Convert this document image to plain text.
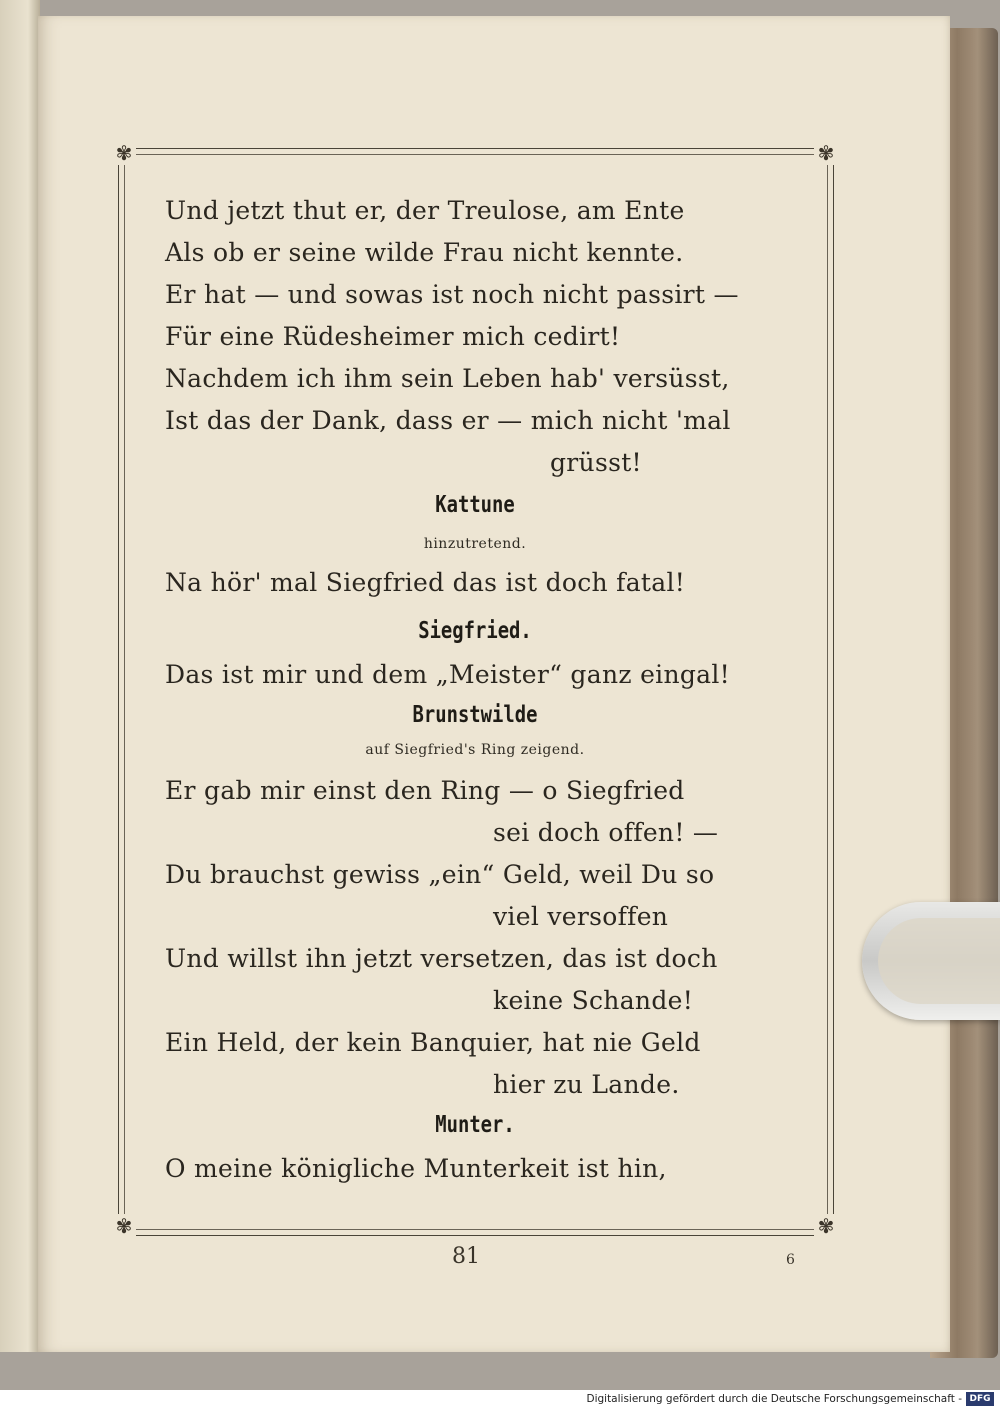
✾	✾
✾	✾
Und jetzt thut er, der Treulose, am Ente
Als ob er seine wilde Frau nicht kennte.
Er hat — und sowas ist noch nicht passirt —
Für eine Rüdesheimer mich cedirt!
Nachdem ich ihm sein Leben hab' versüsst,
Ist das der Dank, dass er — mich nicht 'mal
grüsst!
Kattune
hinzutretend.
Na hör' mal Siegfried das ist doch fatal!
Siegfried.
Das ist mir und dem „Meister“ ganz eingal!
Brunstwilde
auf Siegfried's Ring zeigend.
Er gab mir einst den Ring — o Siegfried
sei doch offen! —
Du brauchst gewiss „ein“ Geld, weil Du so
viel versoffen
Und willst ihn jetzt versetzen, das ist doch
keine Schande!
Ein Held, der kein Banquier, hat nie Geld
hier zu Lande.
Munter.
O meine königliche Munterkeit ist hin,
81	6
Digitalisierung gefördert durch die Deutsche Forschungsgemeinschaft - DFG
